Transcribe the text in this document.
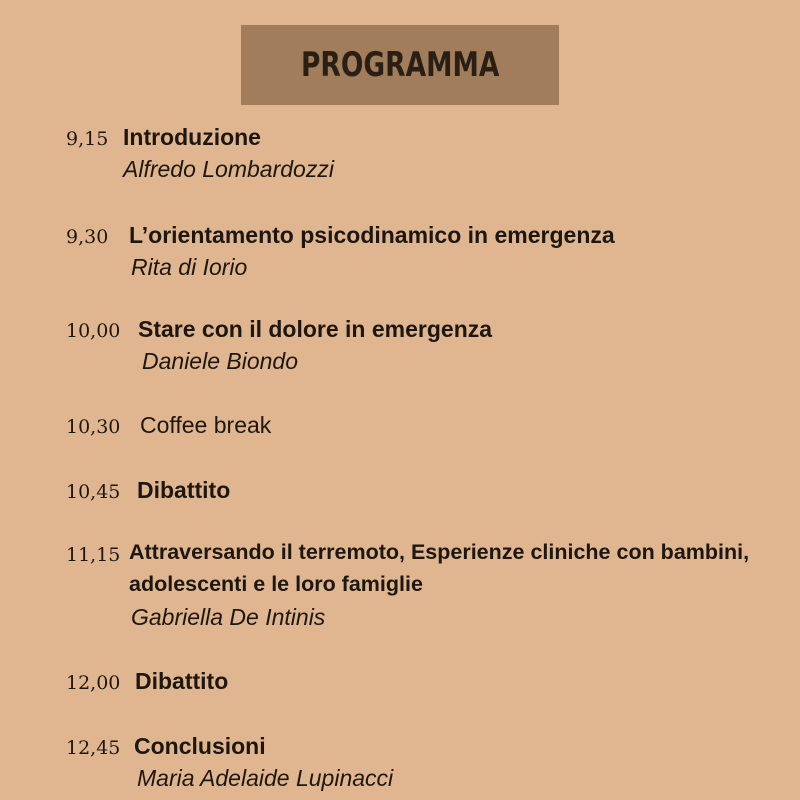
PROGRAMMA
9,15 Introduzione
Alfredo Lombardozzi
9,30 L’orientamento psicodinamico in emergenza
Rita di Iorio
10,00 Stare con il dolore in emergenza
Daniele Biondo
10,30 Coffee break
10,45 Dibattito
11,15 Attraversando il terremoto, Esperienze cliniche con bambini,
adolescenti e le loro famiglie
Gabriella De Intinis
12,00 Dibattito
12,45 Conclusioni
Maria Adelaide Lupinacci
